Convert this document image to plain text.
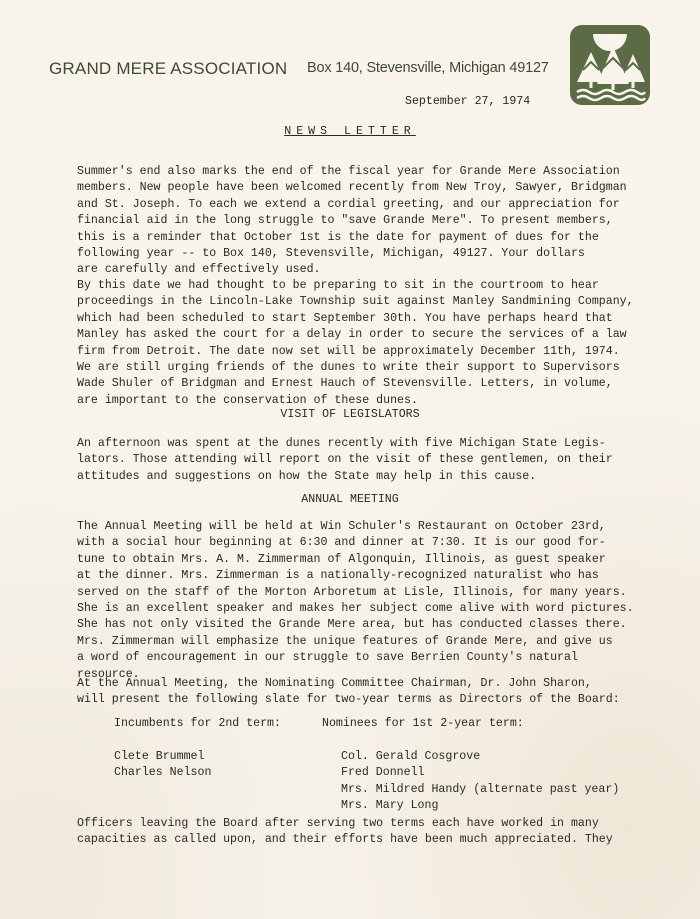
GRAND MERE ASSOCIATION Box 140, Stevensville, Michigan 49127
September 27, 1974
NEWS LETTER
Summer's end also marks the end of the fiscal year for Grande Mere Association
members. New people have been welcomed recently from New Troy, Sawyer, Bridgman
and St. Joseph. To each we extend a cordial greeting, and our appreciation for
financial aid in the long struggle to "save Grande Mere". To present members,
this is a reminder that October 1st is the date for payment of dues for the
following year -- to Box 140, Stevensville, Michigan, 49127. Your dollars
are carefully and effectively used.
By this date we had thought to be preparing to sit in the courtroom to hear
proceedings in the Lincoln-Lake Township suit against Manley Sandmining Company,
which had been scheduled to start September 30th. You have perhaps heard that
Manley has asked the court for a delay in order to secure the services of a law
firm from Detroit. The date now set will be approximately December 11th, 1974.
We are still urging friends of the dunes to write their support to Supervisors
Wade Shuler of Bridgman and Ernest Hauch of Stevensville. Letters, in volume,
are important to the conservation of these dunes.
VISIT OF LEGISLATORS
An afternoon was spent at the dunes recently with five Michigan State Legis-
lators. Those attending will report on the visit of these gentlemen, on their
attitudes and suggestions on how the State may help in this cause.
ANNUAL MEETING
The Annual Meeting will be held at Win Schuler's Restaurant on October 23rd,
with a social hour beginning at 6:30 and dinner at 7:30. It is our good for-
tune to obtain Mrs. A. M. Zimmerman of Algonquin, Illinois, as guest speaker
at the dinner. Mrs. Zimmerman is a nationally-recognized naturalist who has
served on the staff of the Morton Arboretum at Lisle, Illinois, for many years.
She is an excellent speaker and makes her subject come alive with word pictures.
She has not only visited the Grande Mere area, but has conducted classes there.
Mrs. Zimmerman will emphasize the unique features of Grande Mere, and give us
a word of encouragement in our struggle to save Berrien County's natural
resource.
At the Annual Meeting, the Nominating Committee Chairman, Dr. John Sharon,
will present the following slate for two-year terms as Directors of the Board:
Incumbents for 2nd term:

Clete Brummel
Charles Nelson
Nominees for 1st 2-year term:
Col. Gerald Cosgrove
Fred Donnell
Mrs. Mildred Handy (alternate past year)
Mrs. Mary Long
Officers leaving the Board after serving two terms each have worked in many
capacities as called upon, and their efforts have been much appreciated. They
